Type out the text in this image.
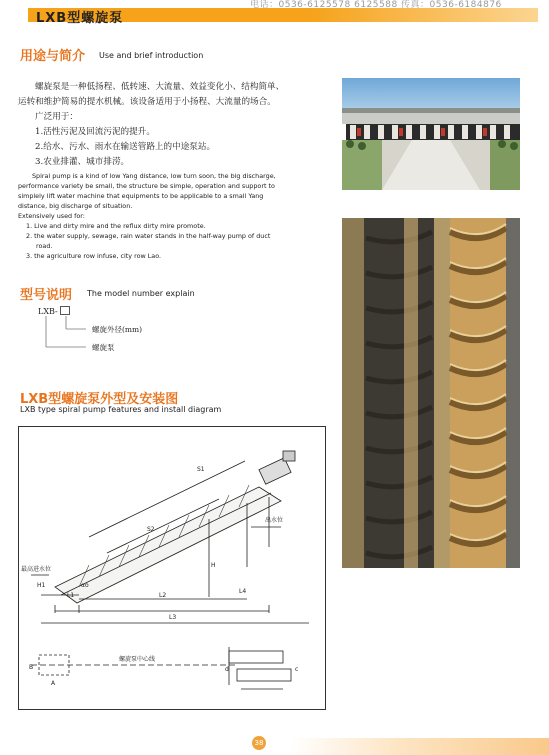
LXB型螺旋泵
电话：0536-6125578 6125588 传真：0536-6184876
用途与简介 Use and brief introduction
螺旋泵是一种低扬程、低转速、大流量、效益变化小、结构简单、
运转和维护简易的提水机械。该设备适用于小扬程、大流量的场合。
广泛用于：
1.活性污泥及回流污泥的提升。
2.给水、污水、雨水在输送管路上的中途泵站。
3.农业排灌、城市排涝。
Spiral pump is a kind of low Yang distance, low turn soon, the big discharge,
performance variety be small, the structure be simple, operation and support to
simplely lift water machine that equipments to be applicable to a small Yang
distance, big discharge of situation.
Extensively used for:
1. Live and dirty mire and the reflux dirty mire promote.
2. the water supply, sewage, rain water stands in the half-way pump of duct
road.
3. the agriculture row infuse, city row Lao.
型号说明 The model number explain
LXB-
螺旋外径(mm)
螺旋泵
LXB型螺旋泵外型及安装图
LXB type spiral pump features and install diagram
最高进水位
出水位
螺旋泵中心线
S1
S2
L1	L2
L3
L4
H
H1
B
A
d	c
αo
38
